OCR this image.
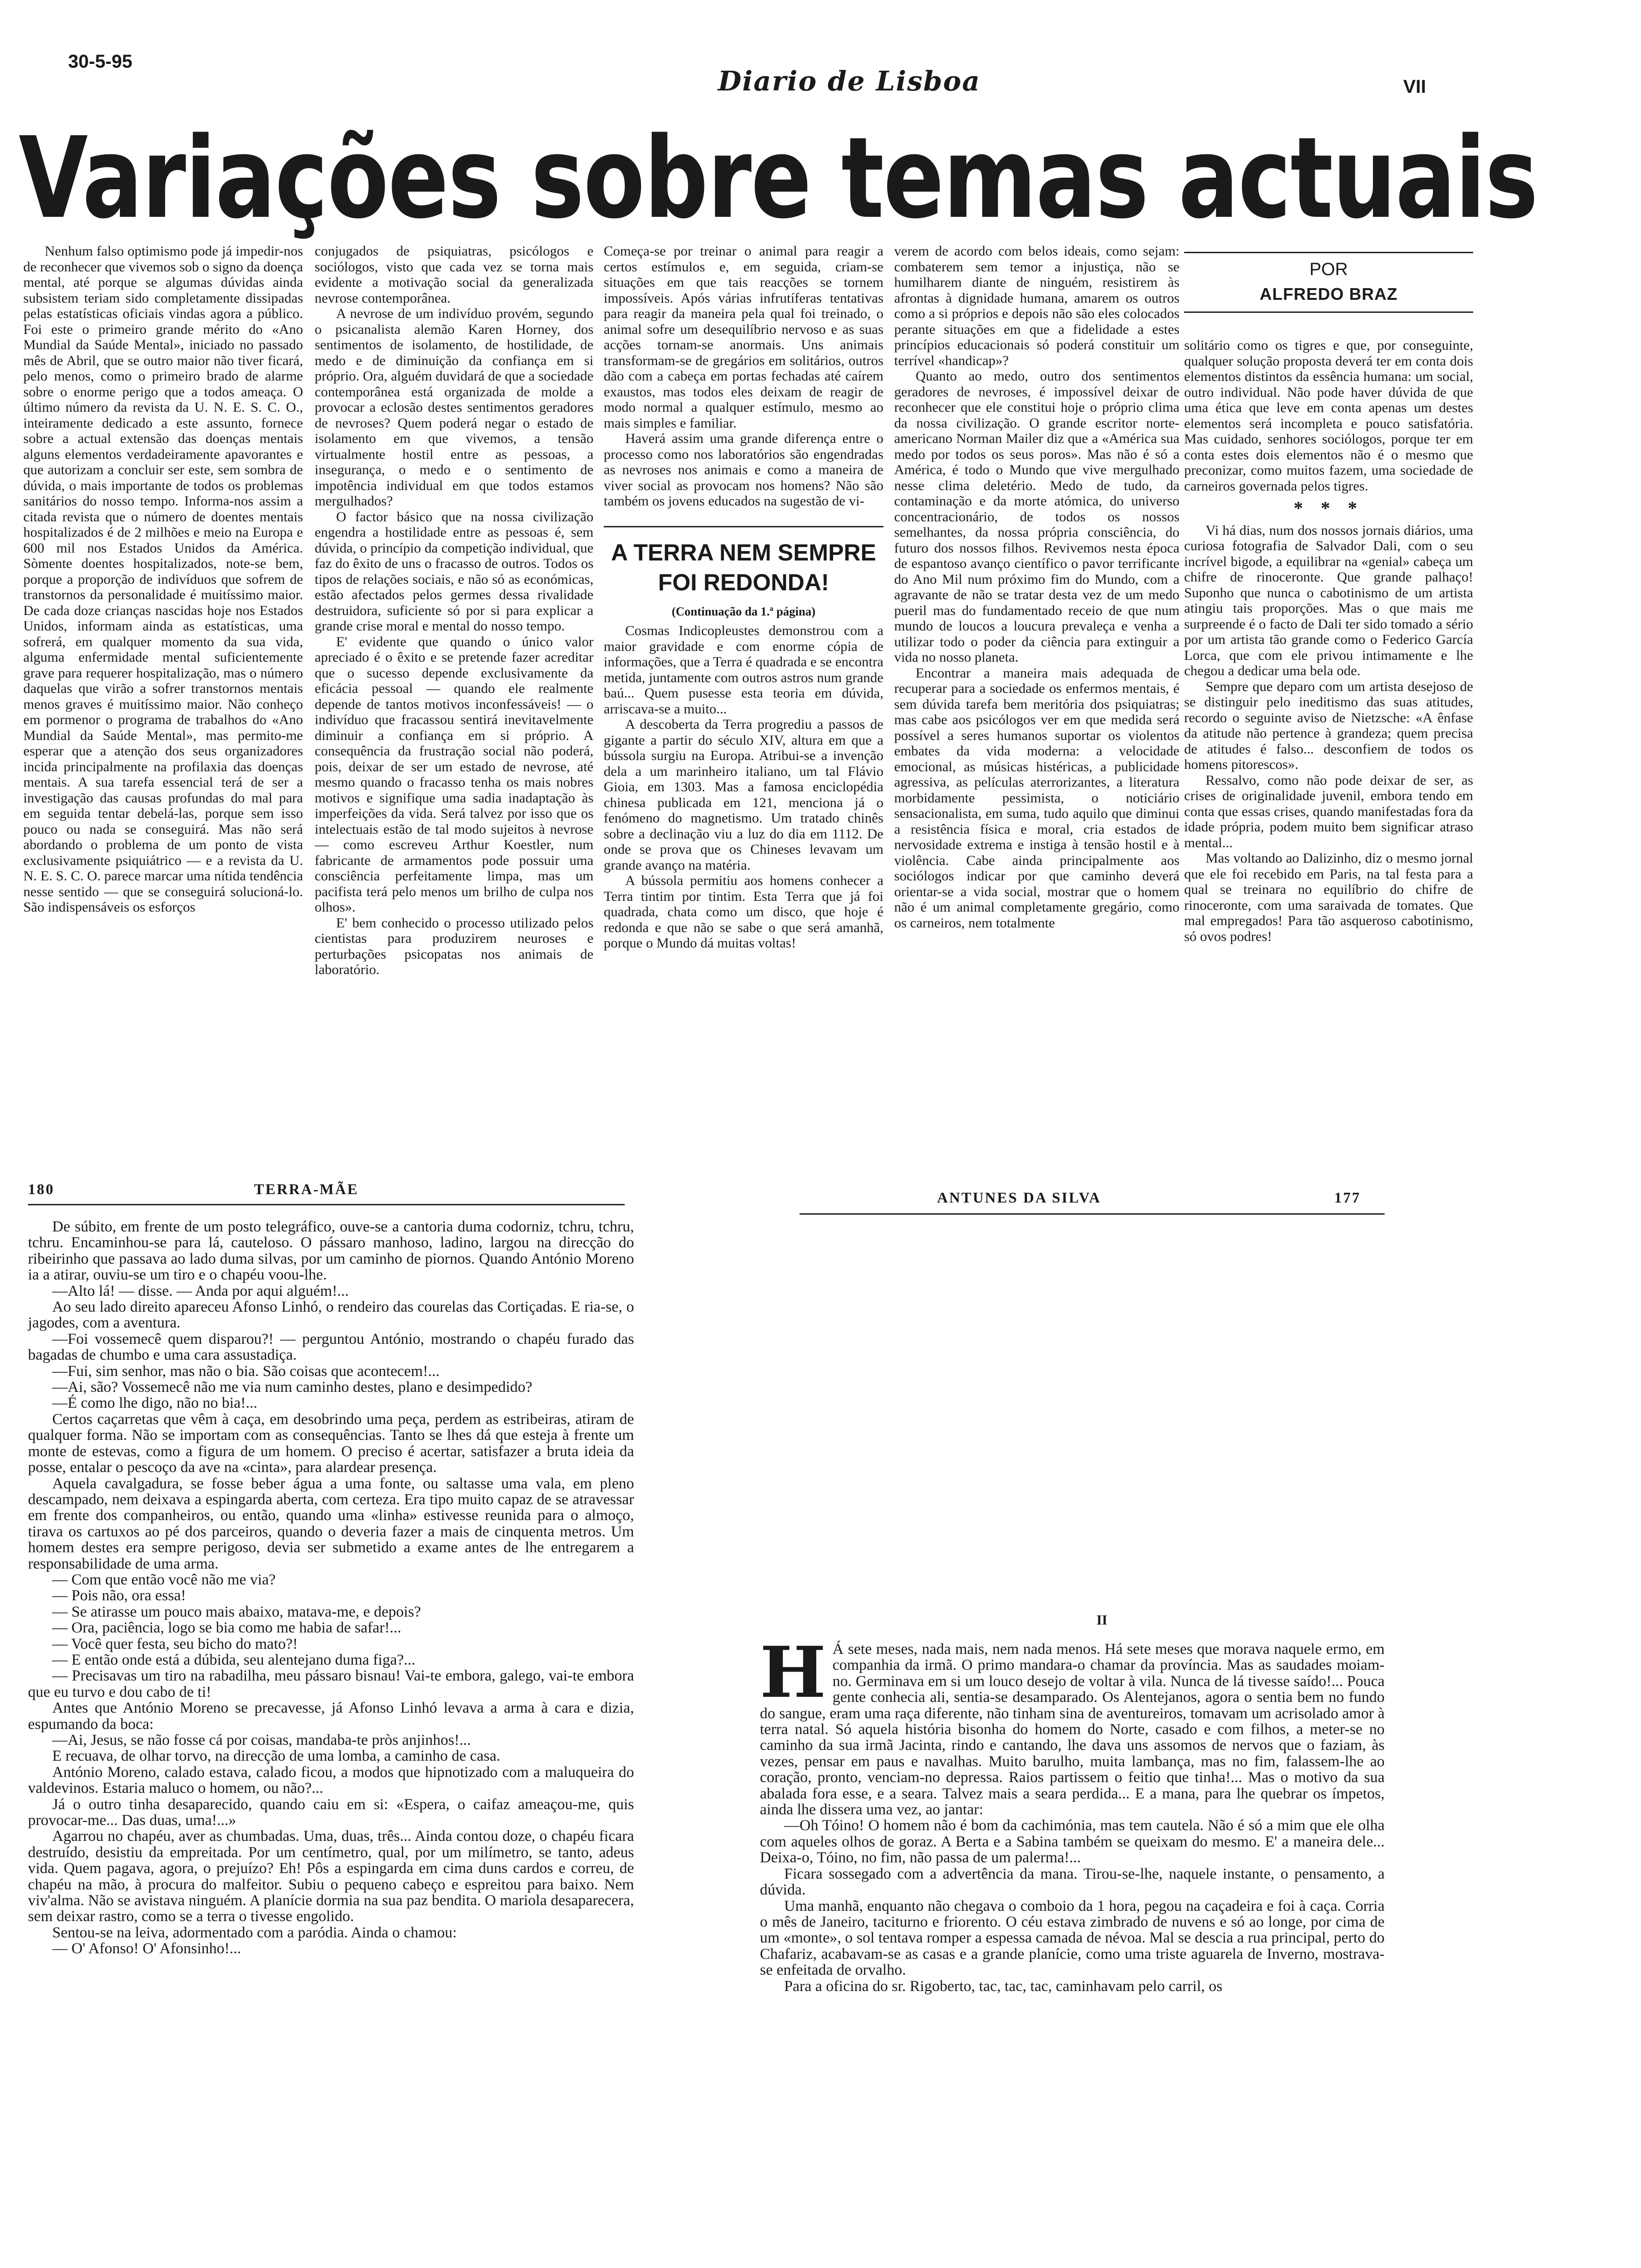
30-5-95
Diario de Lisboa	VII
Variações sobre temas actuais

Nenhum falso optimismo pode já impedir-nos de reconhecer que vivemos sob o signo da doença mental, até porque se algumas dúvidas ainda subsistem teriam sido completamente dissipadas pelas estatísticas oficiais vindas agora a público. Foi este o primeiro grande mérito do «Ano Mundial da Saúde Mental», iniciado no passado mês de Abril, que se outro maior não tiver ficará, pelo menos, como o primeiro brado de alarme sobre o enorme perigo que a todos ameaça. O último número da revista da U. N. E. S. C. O., inteiramente dedicado a este assunto, fornece sobre a actual extensão das doenças mentais alguns elementos verdadeiramente apavorantes e que autorizam a concluir ser este, sem sombra de dúvida, o mais importante de todos os problemas sanitários do nosso tempo. Informa-nos assim a citada revista que o número de doentes mentais hospitalizados é de 2 milhões e meio na Europa e 600 mil nos Estados Unidos da América. Sòmente doentes hospitalizados, note-se bem, porque a proporção de indivíduos que sofrem de transtornos da personalidade é muitíssimo maior. De cada doze crianças nascidas hoje nos Estados Unidos, informam ainda as estatísticas, uma sofrerá, em qualquer momento da sua vida, alguma enfermidade mental suficientemente grave para requerer hospitalização, mas o número daquelas que virão a sofrer transtornos mentais menos graves é muitíssimo maior. Não conheço em pormenor o programa de trabalhos do «Ano Mundial da Saúde Mental», mas permito-me esperar que a atenção dos seus organizadores incida principalmente na profilaxia das doenças mentais. A sua tarefa essencial terá de ser a investigação das causas profundas do mal para em seguida tentar debelá-las, porque sem isso pouco ou nada se conseguirá. Mas não será abordando o problema de um ponto de vista exclusivamente psiquiátrico — e a revista da U. N. E. S. C. O. parece marcar uma nítida tendência nesse sentido — que se conseguirá solucioná-lo. São indispensáveis os esforços

conjugados de psiquiatras, psicólogos e sociólogos, visto que cada vez se torna mais evidente a motivação social da generalizada nevrose contemporânea.

A nevrose de um indivíduo provém, segundo o psicanalista alemão Karen Horney, dos sentimentos de isolamento, de hostilidade, de medo e de diminuição da confiança em si próprio. Ora, alguém duvidará de que a sociedade contemporânea está organizada de molde a provocar a eclosão destes sentimentos geradores de nevroses? Quem poderá negar o estado de isolamento em que vivemos, a tensão virtualmente hostil entre as pessoas, a insegurança, o medo e o sentimento de impotência individual em que todos estamos mergulhados?

O factor básico que na nossa civilização engendra a hostilidade entre as pessoas é, sem dúvida, o princípio da competição individual, que faz do êxito de uns o fracasso de outros. Todos os tipos de relações sociais, e não só as económicas, estão afectados pelos germes dessa rivalidade destruidora, suficiente só por si para explicar a grande crise moral e mental do nosso tempo.

E' evidente que quando o único valor apreciado é o êxito e se pretende fazer acreditar que o sucesso depende exclusivamente da eficácia pessoal — quando ele realmente depende de tantos motivos inconfessáveis! — o indivíduo que fracassou sentirá inevitavelmente diminuir a confiança em si próprio. A consequência da frustração social não poderá, pois, deixar de ser um estado de nevrose, até mesmo quando o fracasso tenha os mais nobres motivos e signifique uma sadia inadaptação às imperfeições da vida. Será talvez por isso que os intelectuais estão de tal modo sujeitos à nevrose — como escreveu Arthur Koestler, num fabricante de armamentos pode possuir uma consciência perfeitamente limpa, mas um pacifista terá pelo menos um brilho de culpa nos olhos».

E' bem conhecido o processo utilizado pelos cientistas para produzirem neuroses e perturbações psicopatas nos animais de laboratório.

Começa-se por treinar o animal para reagir a certos estímulos e, em seguida, criam-se situações em que tais reacções se tornem impossíveis. Após várias infrutíferas tentativas para reagir da maneira pela qual foi treinado, o animal sofre um desequilíbrio nervoso e as suas acções tornam-se anormais. Uns animais transformam-se de gregários em solitários, outros dão com a cabeça em portas fechadas até caírem exaustos, mas todos eles deixam de reagir de modo normal a qualquer estímulo, mesmo ao mais simples e familiar.

Haverá assim uma grande diferença entre o processo como nos laboratórios são engendradas as nevroses nos animais e como a maneira de viver social as provocam nos homens? Não são também os jovens educados na sugestão de vi-

A TERRA NEM SEMPRE FOI REDONDA!
(Continuação da 1.ª página)

Cosmas Indicopleustes demonstrou com a maior gravidade e com enorme cópia de informações, que a Terra é quadrada e se encontra metida, juntamente com outros astros num grande baú... Quem pusesse esta teoria em dúvida, arriscava-se a muito...

A descoberta da Terra progrediu a passos de gigante a partir do século XIV, altura em que a bússola surgiu na Europa. Atribui-se a invenção dela a um marinheiro italiano, um tal Flávio Gioia, em 1303. Mas a famosa enciclopédia chinesa publicada em 121, menciona já o fenómeno do magnetismo. Um tratado chinês sobre a declinação viu a luz do dia em 1112. De onde se prova que os Chineses levavam um grande avanço na matéria.

A bússola permitiu aos homens conhecer a Terra tintim por tintim. Esta Terra que já foi quadrada, chata como um disco, que hoje é redonda e que não se sabe o que será amanhã, porque o Mundo dá muitas voltas!

verem de acordo com belos ideais, como sejam: combaterem sem temor a injustiça, não se humilharem diante de ninguém, resistirem às afrontas à dignidade humana, amarem os outros como a si próprios e depois não são eles colocados perante situações em que a fidelidade a estes princípios educacionais só poderá constituir um terrível «handicap»?

Quanto ao medo, outro dos sentimentos geradores de nevroses, é impossível deixar de reconhecer que ele constitui hoje o próprio clima da nossa civilização. O grande escritor norte-americano Norman Mailer diz que a «América sua medo por todos os seus poros». Mas não é só a América, é todo o Mundo que vive mergulhado nesse clima deletério. Medo de tudo, da contaminação e da morte atómica, do universo concentracionário, de todos os nossos semelhantes, da nossa própria consciência, do futuro dos nossos filhos. Revivemos nesta época de espantoso avanço científico o pavor terrificante do Ano Mil num próximo fim do Mundo, com a agravante de não se tratar desta vez de um medo pueril mas do fundamentado receio de que num mundo de loucos a loucura prevaleça e venha a utilizar todo o poder da ciência para extinguir a vida no nosso planeta.

Encontrar a maneira mais adequada de recuperar para a sociedade os enfermos mentais, é sem dúvida tarefa bem meritória dos psiquiatras; mas cabe aos psicólogos ver em que medida será possível a seres humanos suportar os violentos embates da vida moderna: a velocidade emocional, as músicas histéricas, a publicidade agressiva, as películas aterrorizantes, a literatura morbidamente pessimista, o noticiário sensacionalista, em suma, tudo aquilo que diminui a resistência física e moral, cria estados de nervosidade extrema e instiga à tensão hostil e à violência. Cabe ainda principalmente aos sociólogos indicar por que caminho deverá orientar-se a vida social, mostrar que o homem não é um animal completamente gregário, como os carneiros, nem totalmente

POR
ALFREDO BRAZ

solitário como os tigres e que, por conseguinte, qualquer solução proposta deverá ter em conta dois elementos distintos da essência humana: um social, outro individual. Não pode haver dúvida de que uma ética que leve em conta apenas um destes elementos será incompleta e pouco satisfatória. Mas cuidado, senhores sociólogos, porque ter em conta estes dois elementos não é o mesmo que preconizar, como muitos fazem, uma sociedade de carneiros governada pelos tigres.

* * *

Vi há dias, num dos nossos jornais diários, uma curiosa fotografia de Salvador Dali, com o seu incrível bigode, a equilibrar na «genial» cabeça um chifre de rinoceronte. Que grande palhaço! Suponho que nunca o cabotinismo de um artista atingiu tais proporções. Mas o que mais me surpreende é o facto de Dali ter sido tomado a sério por um artista tão grande como o Federico García Lorca, que com ele privou intimamente e lhe chegou a dedicar uma bela ode.

Sempre que deparo com um artista desejoso de se distinguir pelo ineditismo das suas atitudes, recordo o seguinte aviso de Nietzsche: «A ênfase da atitude não pertence à grandeza; quem precisa de atitudes é falso... desconfiem de todos os homens pitorescos».

Ressalvo, como não pode deixar de ser, as crises de originalidade juvenil, embora tendo em conta que essas crises, quando manifestadas fora da idade própria, podem muito bem significar atraso mental...

Mas voltando ao Dalizinho, diz o mesmo jornal que ele foi recebido em Paris, na tal festa para a qual se treinara no equilíbrio do chifre de rinoceronte, com uma saraivada de tomates. Que mal empregados! Para tão asqueroso cabotinismo, só ovos podres!

180	TERRA-MÃE

De súbito, em frente de um posto telegráfico, ouve-se a cantoria duma codorniz, tchru, tchru, tchru. Encaminhou-se para lá, cauteloso. O pássaro manhoso, ladino, largou na direcção do ribeirinho que passava ao lado duma silvas, por um caminho de piornos. Quando António Moreno ia a atirar, ouviu-se um tiro e o chapéu voou-lhe.

—Alto lá! — disse. — Anda por aqui alguém!...

Ao seu lado direito apareceu Afonso Linhó, o rendeiro das courelas das Cortiçadas. E ria-se, o jagodes, com a aventura.

—Foi vossemecê quem disparou?! — perguntou António, mostrando o chapéu furado das bagadas de chumbo e uma cara assustadiça.

—Fui, sim senhor, mas não o bia. São coisas que acontecem!...

—Ai, são? Vossemecê não me via num caminho destes, plano e desimpedido?

—É como lhe digo, não no bia!...

Certos caçarretas que vêm à caça, em desobrindo uma peça, perdem as estribeiras, atiram de qualquer forma. Não se importam com as consequências. Tanto se lhes dá que esteja à frente um monte de estevas, como a figura de um homem. O preciso é acertar, satisfazer a bruta ideia da posse, entalar o pescoço da ave na «cinta», para alardear presença.

Aquela cavalgadura, se fosse beber água a uma fonte, ou saltasse uma vala, em pleno descampado, nem deixava a espingarda aberta, com certeza. Era tipo muito capaz de se atravessar em frente dos companheiros, ou então, quando uma «linha» estivesse reunida para o almoço, tirava os cartuxos ao pé dos parceiros, quando o deveria fazer a mais de cinquenta metros. Um homem destes era sempre perigoso, devia ser submetido a exame antes de lhe entregarem a responsabilidade de uma arma.

— Com que então você não me via?

— Pois não, ora essa!

— Se atirasse um pouco mais abaixo, matava-me, e depois?

— Ora, paciência, logo se bia como me habia de safar!...

— Você quer festa, seu bicho do mato?!

— E então onde está a dúbida, seu alentejano duma figa?...

— Precisavas um tiro na rabadilha, meu pássaro bisnau! Vai-te embora, galego, vai-te embora que eu turvo e dou cabo de ti!

Antes que António Moreno se precavesse, já Afonso Linhó levava a arma à cara e dizia, espumando da boca:

—Ai, Jesus, se não fosse cá por coisas, mandaba-te pròs anjinhos!...

E recuava, de olhar torvo, na direcção de uma lomba, a caminho de casa.

António Moreno, calado estava, calado ficou, a modos que hipnotizado com a maluqueira do valdevinos. Estaria maluco o homem, ou não?...

Já o outro tinha desaparecido, quando caiu em si: «Espera, o caifaz ameaçou-me, quis provocar-me... Das duas, uma!...»

Agarrou no chapéu, aver as chumbadas. Uma, duas, três... Ainda contou doze, o chapéu ficara destruído, desistiu da empreitada. Por um centímetro, qual, por um milímetro, se tanto, adeus vida. Quem pagava, agora, o prejuízo? Eh! Pôs a espingarda em cima duns cardos e correu, de chapéu na mão, à procura do malfeitor. Subiu o pequeno cabeço e espreitou para baixo. Nem viv'alma. Não se avistava ninguém. A planície dormia na sua paz bendita. O mariola desaparecera, sem deixar rastro, como se a terra o tivesse engolido.

Sentou-se na leiva, adormentado com a paródia. Ainda o chamou:

— O' Afonso! O' Afonsinho!...

ANTUNES DA SILVA	177
II

H Á sete meses, nada mais, nem nada menos. Há sete meses que morava naquele ermo, em companhia da irmã. O primo mandara-o chamar da província. Mas as saudades moiam-no. Germinava em si um louco desejo de voltar à vila. Nunca de lá tivesse saído!... Pouca gente conhecia ali, sentia-se desamparado. Os Alentejanos, agora o sentia bem no fundo do sangue, eram uma raça diferente, não tinham sina de aventureiros, tomavam um acrisolado amor à terra natal. Só aquela história bisonha do homem do Norte, casado e com filhos, a meter-se no caminho da sua irmã Jacinta, rindo e cantando, lhe dava uns assomos de nervos que o faziam, às vezes, pensar em paus e navalhas. Muito barulho, muita lambança, mas no fim, falassem-lhe ao coração, pronto, venciam-no depressa. Raios partissem o feitio que tinha!... Mas o motivo da sua abalada fora esse, e a seara. Talvez mais a seara perdida... E a mana, para lhe quebrar os ímpetos, ainda lhe dissera uma vez, ao jantar:

—Oh Tóino! O homem não é bom da cachimónia, mas tem cautela. Não é só a mim que ele olha com aqueles olhos de goraz. A Berta e a Sabina também se queixam do mesmo. E' a maneira dele... Deixa-o, Tóino, no fim, não passa de um palerma!...

Ficara sossegado com a advertência da mana. Tirou-se-lhe, naquele instante, o pensamento, a dúvida.

Uma manhã, enquanto não chegava o comboio da 1 hora, pegou na caçadeira e foi à caça. Corria o mês de Janeiro, taciturno e friorento. O céu estava zimbrado de nuvens e só ao longe, por cima de um «monte», o sol tentava romper a espessa camada de névoa. Mal se descia a rua principal, perto do Chafariz, acabavam-se as casas e a grande planície, como uma triste aguarela de Inverno, mostrava-se enfeitada de orvalho.

Para a oficina do sr. Rigoberto, tac, tac, tac, caminhavam pelo carril, os
